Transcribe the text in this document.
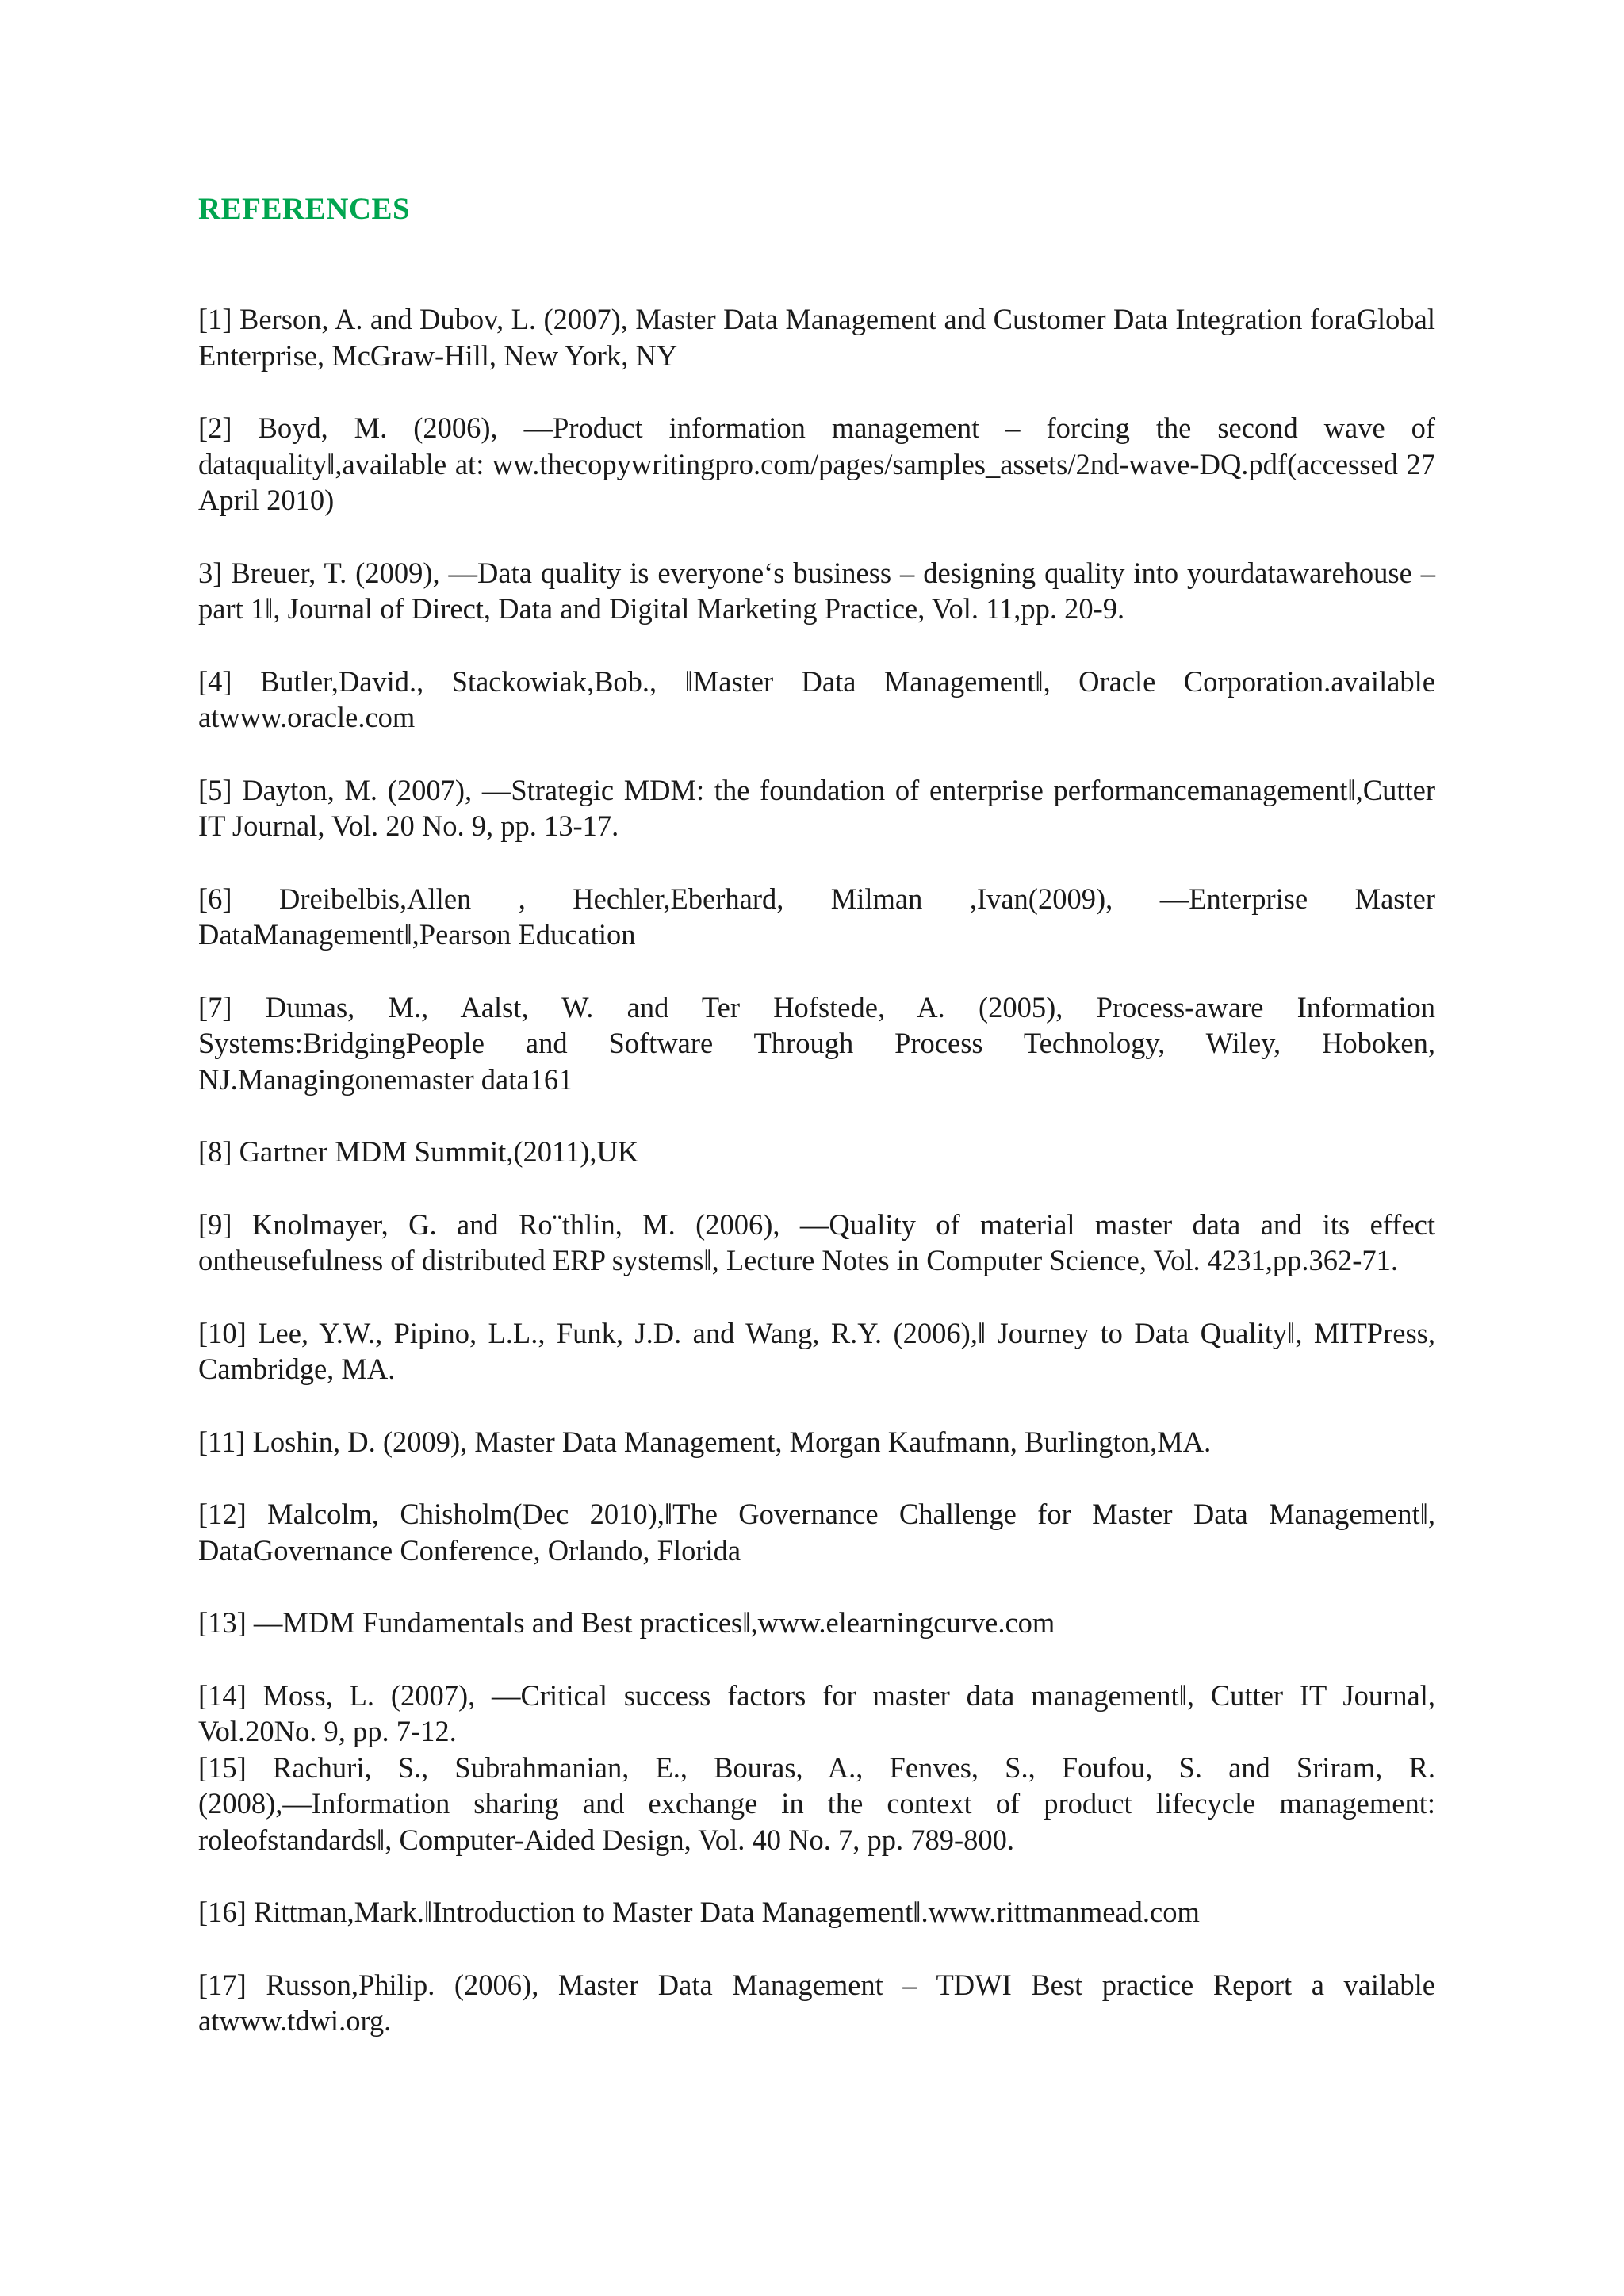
REFERENCES

[1] Berson, A. and Dubov, L. (2007), Master Data Management and Customer Data Integration foraGlobal Enterprise, McGraw-Hill, New York, NY

[2] Boyd, M. (2006), ―Product information management – forcing the second wave of dataquality‖,available at: ww.thecopywritingpro.com/pages/samples_assets/2nd-wave-DQ.pdf(accessed 27 April 2010)

3] Breuer, T. (2009), ―Data quality is everyone‘s business – designing quality into yourdatawarehouse – part 1‖, Journal of Direct, Data and Digital Marketing Practice, Vol. 11,pp. 20-9.

[4] Butler,David., Stackowiak,Bob., ‖Master Data Management‖, Oracle Corporation.available atwww.oracle.com

[5] Dayton, M. (2007), ―Strategic MDM: the foundation of enterprise performancemanagement‖,Cutter IT Journal, Vol. 20 No. 9, pp. 13-17.

[6] Dreibelbis,Allen , Hechler,Eberhard, Milman ,Ivan(2009), ―Enterprise Master DataManagement‖,Pearson Education

[7] Dumas, M., Aalst, W. and Ter Hofstede, A. (2005), Process-aware Information Systems:BridgingPeople and Software Through Process Technology, Wiley, Hoboken, NJ.Managingonemaster data161

[8] Gartner MDM Summit,(2011),UK

[9] Knolmayer, G. and Ro¨thlin, M. (2006), ―Quality of material master data and its effect ontheusefulness of distributed ERP systems‖, Lecture Notes in Computer Science, Vol. 4231,pp.362-71.

[10] Lee, Y.W., Pipino, L.L., Funk, J.D. and Wang, R.Y. (2006),‖ Journey to Data Quality‖, MITPress, Cambridge, MA.

[11] Loshin, D. (2009), Master Data Management, Morgan Kaufmann, Burlington,MA.

[12] Malcolm, Chisholm(Dec 2010),‖The Governance Challenge for Master Data Management‖, DataGovernance Conference, Orlando, Florida

[13] ―MDM Fundamentals and Best practices‖,www.elearningcurve.com

[14] Moss, L. (2007), ―Critical success factors for master data management‖, Cutter IT Journal, Vol.20No. 9, pp. 7-12.

[15] Rachuri, S., Subrahmanian, E., Bouras, A., Fenves, S., Foufou, S. and Sriram, R.(2008),―Information sharing and exchange in the context of product lifecycle management: roleofstandards‖, Computer-Aided Design, Vol. 40 No. 7, pp. 789-800.

[16] Rittman,Mark.‖Introduction to Master Data Management‖.www.rittmanmead.com

[17] Russon,Philip. (2006), Master Data Management – TDWI Best practice Report a vailable atwww.tdwi.org.
